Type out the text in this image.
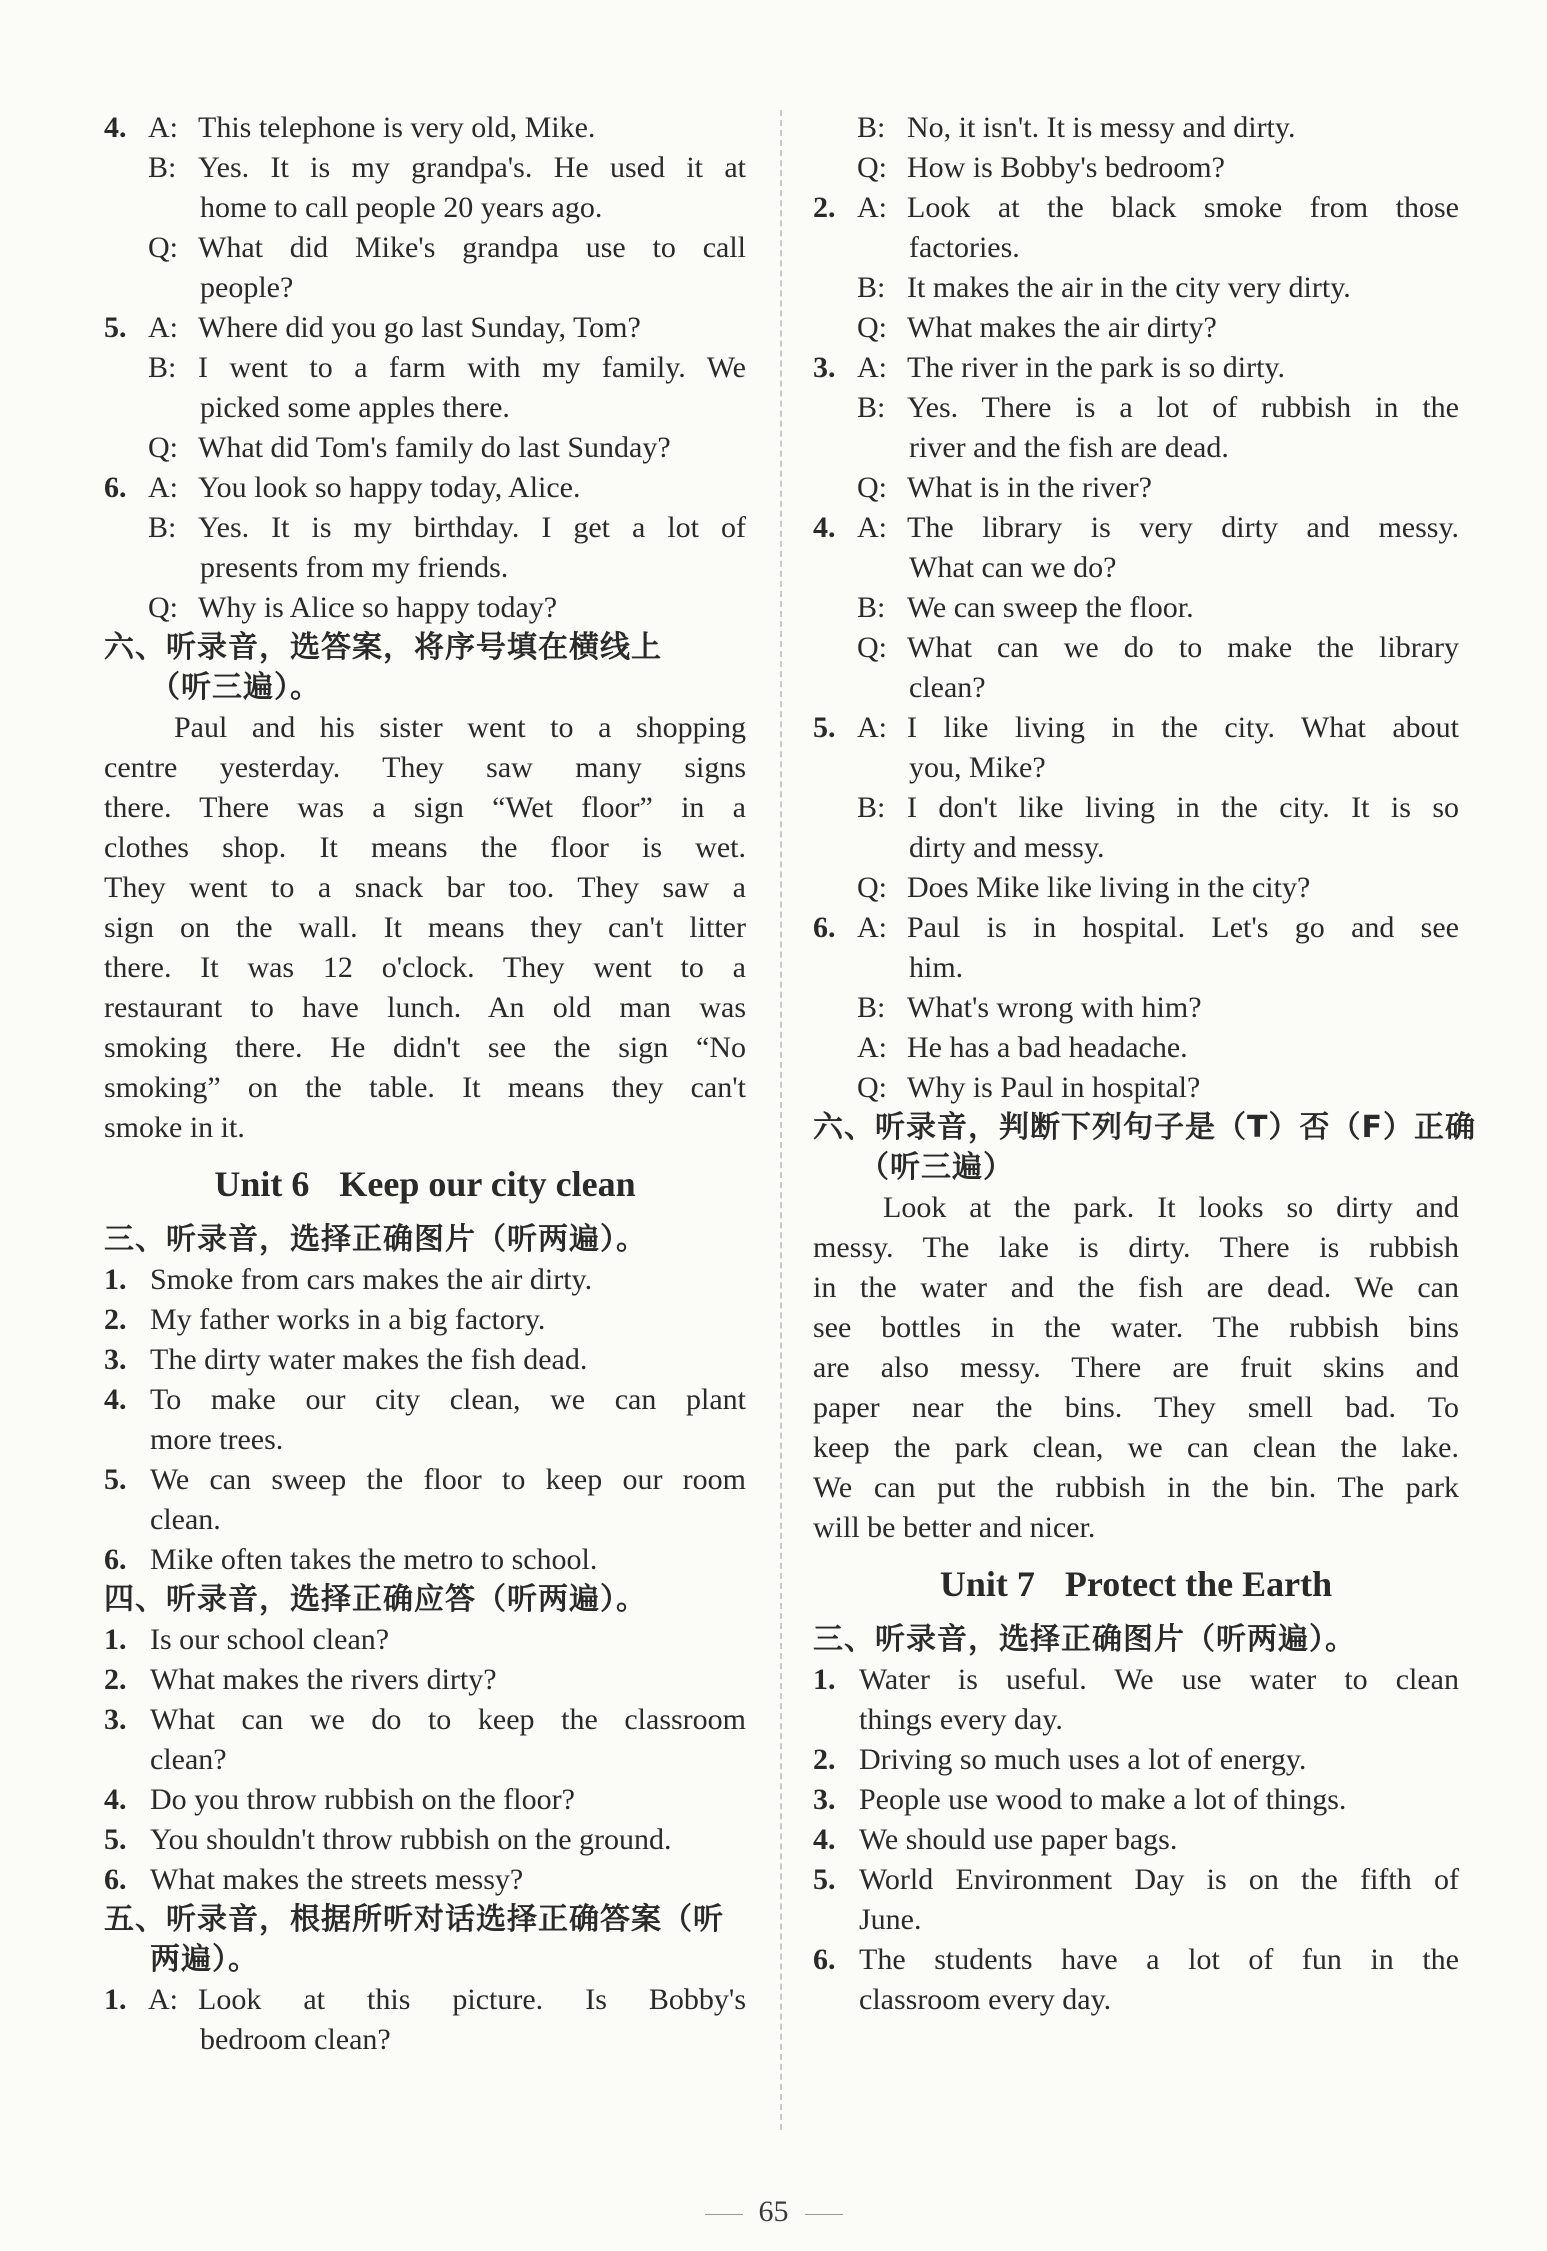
4. A: This telephone is very old, Mike.
B: Yes. It is my grandpa's. He used it at
home to call people 20 years ago.
Q: What did Mike's grandpa use to call
people?
5. A: Where did you go last Sunday, Tom?
B: I went to a farm with my family. We
picked some apples there.
Q: What did Tom's family do last Sunday?
6. A: You look so happy today, Alice.
B: Yes. It is my birthday. I get a lot of
presents from my friends.
Q: Why is Alice so happy today?
六、听录音，选答案，将序号填在横线上
（听三遍）。
Paul and his sister went to a shopping
centre yesterday. They saw many signs
there. There was a sign “Wet floor” in a
clothes shop. It means the floor is wet.
They went to a snack bar too. They saw a
sign on the wall. It means they can't litter
there. It was 12 o'clock. They went to a
restaurant to have lunch. An old man was
smoking there. He didn't see the sign “No
smoking” on the table. It means they can't
smoke in it.
Unit 6 Keep our city clean
三、听录音，选择正确图片（听两遍）。
1. Smoke from cars makes the air dirty.
2. My father works in a big factory.
3. The dirty water makes the fish dead.
4. To make our city clean, we can plant
more trees.
5. We can sweep the floor to keep our room
clean.
6. Mike often takes the metro to school.
四、听录音，选择正确应答（听两遍）。
1. Is our school clean?
2. What makes the rivers dirty?
3. What can we do to keep the classroom
clean?
4. Do you throw rubbish on the floor?
5. You shouldn't throw rubbish on the ground.
6. What makes the streets messy?
五、听录音，根据所听对话选择正确答案（听
两遍）。
1. A: Look at this picture. Is Bobby's
bedroom clean?
B: No, it isn't. It is messy and dirty.
Q: How is Bobby's bedroom?
2. A: Look at the black smoke from those
factories.
B: It makes the air in the city very dirty.
Q: What makes the air dirty?
3. A: The river in the park is so dirty.
B: Yes. There is a lot of rubbish in the
river and the fish are dead.
Q: What is in the river?
4. A: The library is very dirty and messy.
What can we do?
B: We can sweep the floor.
Q: What can we do to make the library
clean?
5. A: I like living in the city. What about
you, Mike?
B: I don't like living in the city. It is so
dirty and messy.
Q: Does Mike like living in the city?
6. A: Paul is in hospital. Let's go and see
him.
B: What's wrong with him?
A: He has a bad headache.
Q: Why is Paul in hospital?
六、听录音，判断下列句子是（T）否（F）正确
（听三遍）
Look at the park. It looks so dirty and
messy. The lake is dirty. There is rubbish
in the water and the fish are dead. We can
see bottles in the water. The rubbish bins
are also messy. There are fruit skins and
paper near the bins. They smell bad. To
keep the park clean, we can clean the lake.
We can put the rubbish in the bin. The park
will be better and nicer.
Unit 7 Protect the Earth
三、听录音，选择正确图片（听两遍）。
1. Water is useful. We use water to clean
things every day.
2. Driving so much uses a lot of energy.
3. People use wood to make a lot of things.
4. We should use paper bags.
5. World Environment Day is on the fifth of
June.
6. The students have a lot of fun in the
classroom every day.
65
